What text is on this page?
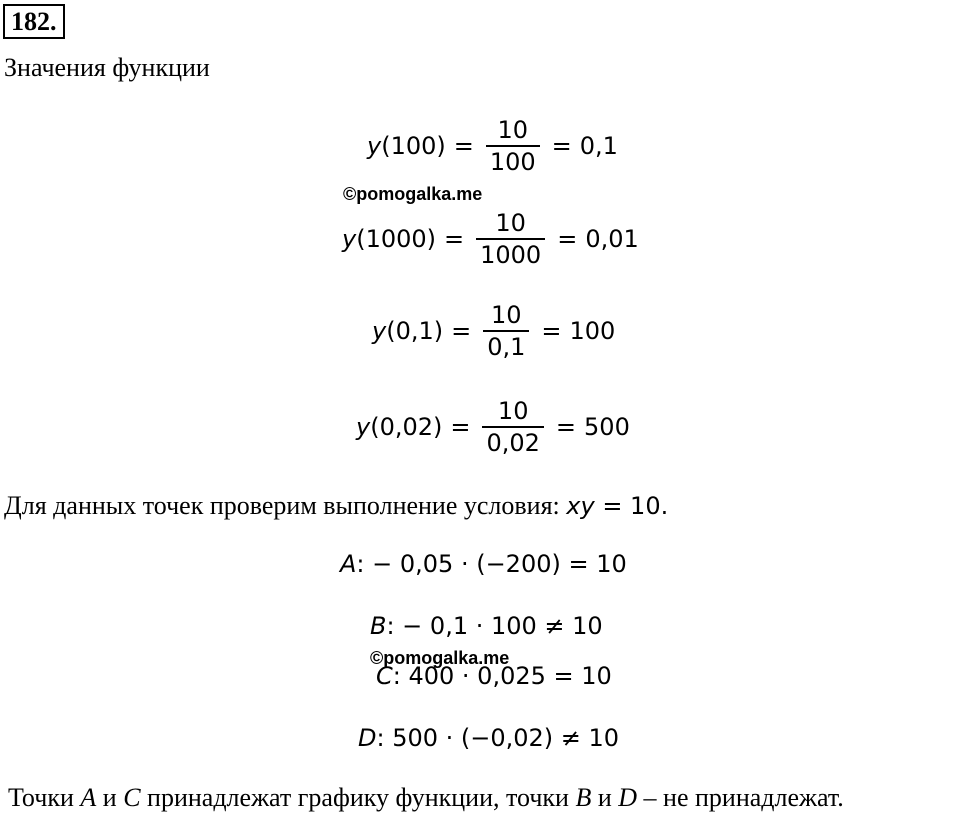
182.
Значения функции
y $(100) = \frac{10}{100} = 0,1$
©pomogalka.me
y $(1000) = \frac{10}{1000} = 0,01$
y $(0,1) = \frac{10}{0,1} = 100$
y $(0,02) = \frac{10}{0,02} = 500$
Для данных точек проверим выполнение условия: xy = 10.
A : − 0,05 · (−200) = 10
B : − 0,1 · 100 ≠ 10
©pomogalka.me
C : 400 · 0,025 = 10
D : 500 · (−0,02) ≠ 10
Точки A и C принадлежат графику функции, точки B и D – не принадлежат.
